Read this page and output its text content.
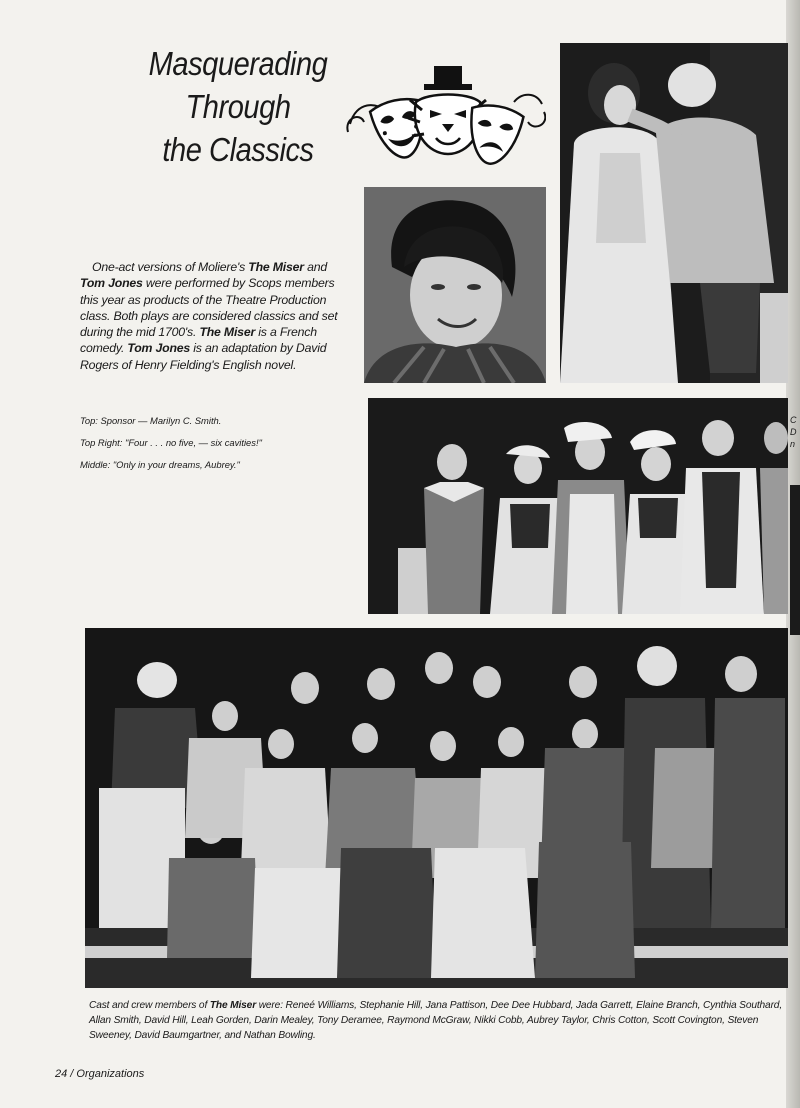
Masquerading
Through
the Classics
One-act versions of Moliere's The Miser and Tom Jones were performed by Scops members this year as products of the Theatre Production class. Both plays are considered classics and set during the mid 1700's. The Miser is a French comedy. Tom Jones is an adaptation by David Rogers of Henry Fielding's English novel.
Top: Sponsor — Marilyn C. Smith.
Top Right: "Four . . . no five, — six cavities!"
Middle: "Only in your dreams, Aubrey."
C
D
n
Cast and crew members of The Miser were: Reneé Williams, Stephanie Hill, Jana Pattison, Dee Dee Hubbard, Jada Garrett, Elaine Branch, Cynthia Southard, Allan Smith, David Hill, Leah Gorden, Darin Mealey, Tony Deramee, Raymond McGraw, Nikki Cobb, Aubrey Taylor, Chris Cotton, Scott Covington, Steven Sweeney, David Baumgartner, and Nathan Bowling.
24 / Organizations
